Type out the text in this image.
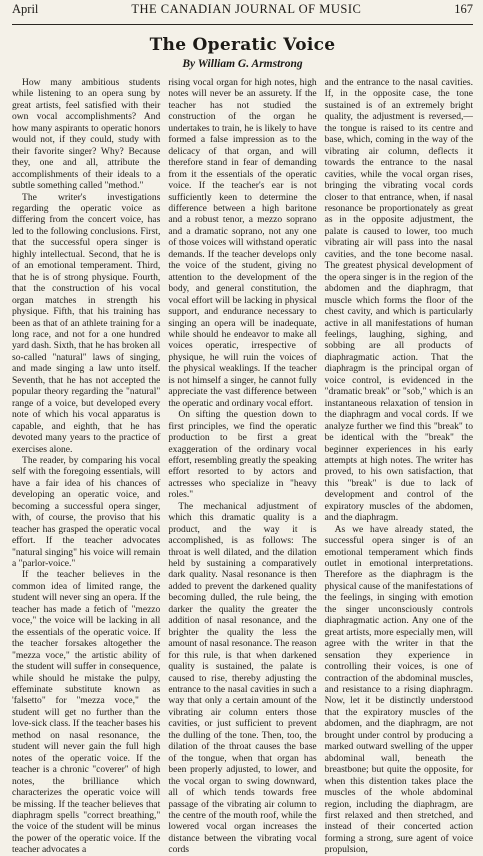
April	THE CANADIAN JOURNAL OF MUSIC	167
The Operatic Voice
By William G. Armstrong

How many ambitious students while listening to an opera sung by great artists, feel satisfied with their own vocal accomplishments? And how many aspirants to operatic honors would not, if they could, study with their favorite singer? Why? Because they, one and all, attribute the accomplishments of their ideals to a subtle something called "method."

The writer's investigations regarding the operatic voice as differing from the concert voice, has led to the following conclusions. First, that the successful opera singer is highly intellectual. Second, that he is of an emotional temperament. Third, that he is of strong physique. Fourth, that the construction of his vocal organ matches in strength his physique. Fifth, that his training has been as that of an athlete training for a long race, and not for a one hundred yard dash. Sixth, that he has broken all so-called "natural" laws of singing, and made singing a law unto itself. Seventh, that he has not accepted the popular theory regarding the "natural" range of a voice, but developed every note of which his vocal apparatus is capable, and eighth, that he has devoted many years to the practice of exercises alone.

The reader, by comparing his vocal self with the foregoing essentials, will have a fair idea of his chances of developing an operatic voice, and becoming a successful opera singer, with, of course, the proviso that his teacher has grasped the operatic vocal effort. If the teacher advocates "natural singing" his voice will remain a "parlor-voice."

If the teacher believes in the common idea of limited range, the student will never sing an opera. If the teacher has made a fetich of "mezzo voce," the voice will be lacking in all the essentials of the operatic voice. If the teacher forsakes altogether the "mezza voce," the artistic ability of the student will suffer in consequence, while should he mistake the pulpy, effeminate substitute known as 'falsetto" for "mezza voce," the student will get no further than the love-sick class. If the teacher bases his method on nasal resonance, the student will never gain the full high notes of the operatic voice. If the teacher is a chronic "coverer" of high notes, the brilliance which characterizes the operatic voice will be missing. If the teacher believes that diaphragm spells "correct breathing," the voice of the student will be minus the power of the operatic voice. If the teacher advocates a

rising vocal organ for high notes, high notes will never be an assurety. If the teacher has not studied the construction of the organ he undertakes to train, he is likely to have formed a false impression as to the delicacy of that organ, and will therefore stand in fear of demanding from it the essentials of the operatic voice. If the teacher's ear is not sufficiently keen to determine the difference between a high baritone and a robust tenor, a mezzo soprano and a dramatic soprano, not any one of those voices will withstand operatic demands. If the teacher develops only the voice of the student, giving no attention to the development of the body, and general constitution, the vocal effort will be lacking in physical support, and endurance necessary to singing an opera will be inadequate, while should he endeavor to make all voices operatic, irrespective of physique, he will ruin the voices of the physical weaklings. If the teacher is not himself a singer, he cannot fully appreciate the vast difference between the operatic and ordinary vocal effort.

On sifting the question down to first principles, we find the operatic production to be first a great exaggeration of the ordinary vocal effort, resembling greatly the speaking effort resorted to by actors and actresses who specialize in "heavy roles."

The mechanical adjustment of which this dramatic quality is a product, and the way it is accomplished, is as follows: The throat is well dilated, and the dilation held by sustaining a comparatively dark quality. Nasal resonance is then added to prevent the darkened quality becoming dulled, the rule being, the darker the quality the greater the addition of nasal resonance, and the brighter the quality the less the amount of nasal resonance. The reason for this rule, is that when darkened quality is sustained, the palate is caused to rise, thereby adjusting the entrance to the nasal cavities in such a way that only a certain amount of the vibrating air column enters those cavities, or just sufficient to prevent the dulling of the tone. Then, too, the dilation of the throat causes the base of the tongue, when that organ has been properly adjusted, to lower, and the vocal organ to swing downward, all of which tends towards free passage of the vibrating air column to the centre of the mouth roof, while the lowered vocal organ increases the distance between the vibrating vocal cords

and the entrance to the nasal cavities. If, in the opposite case, the tone sustained is of an extremely bright quality, the adjustment is reversed,—the tongue is raised to its centre and base, which, coming in the way of the vibrating air column, deflects it towards the entrance to the nasal cavities, while the vocal organ rises, bringing the vibrating vocal cords closer to that entrance, when, if nasal resonance be proportionately as great as in the opposite adjustment, the palate is caused to lower, too much vibrating air will pass into the nasal cavities, and the tone become nasal. The greatest physical development of the opera singer is in the region of the abdomen and the diaphragm, that muscle which forms the floor of the chest cavity, and which is particularly active in all manifestations of human feelings, laughing, sighing, and sobbing are all products of diaphragmatic action. That the diaphragm is the principal organ of voice control, is evidenced in the "dramatic break" or "sob," which is an instantaneous relaxation of tension in the diaphragm and vocal cords. If we analyze further we find this "break" to be identical with the "break" the beginner experiences in his early attempts at high notes. The writer has proved, to his own satisfaction, that this "break" is due to lack of development and control of the expiratory muscles of the abdomen, and the diaphragm.

As we have already stated, the successful opera singer is of an emotional temperament which finds outlet in emotional interpretations. Therefore as the diaphragm is the physical cause of the manifestations of the feelings, in singing with emotion the singer unconsciously controls diaphragmatic action. Any one of the great artists, more especially men, will agree with the writer in that the sensation they experience in controlling their voices, is one of contraction of the abdominal muscles, and resistance to a rising diaphragm. Now, let it be distinctly understood that the expiratory muscles of the abdomen, and the diaphragm, are not brought under control by producing a marked outward swelling of the upper abdominal wall, beneath the breastbone; but quite the opposite, for when this distention takes place the muscles of the whole abdominal region, including the diaphragm, are first relaxed and then stretched, and instead of their concerted action forming a strong, sure agent of voice propulsion,
